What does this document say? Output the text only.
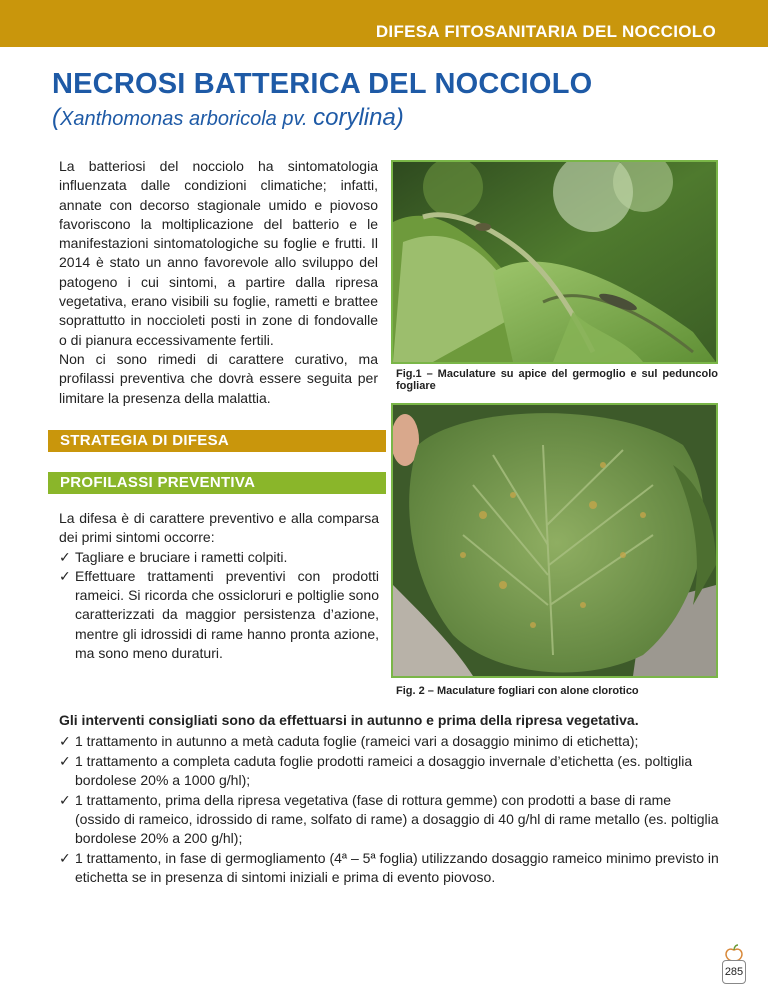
DIFESA FITOSANITARIA DEL NOCCIOLO
NECROSI BATTERICA DEL NOCCIOLO
(Xanthomonas arboricola pv. corylina)

La batteriosi del nocciolo ha sintomatologia influenzata dalle condizioni climatiche; infatti, annate con decorso stagionale umido e piovoso favoriscono la moltiplicazione del batterio e le manifestazioni sintomatologiche su foglie e frutti. Il 2014 è stato un anno favorevole allo sviluppo del patogeno i cui sintomi, a partire dalla ripresa vegetativa, erano visibili su foglie, rametti e brattee soprattutto in noccioleti posti in zone di fondovalle o di pianura eccessivamente fertili.

Non ci sono rimedi di carattere curativo, ma profilassi preventiva che dovrà essere seguita per limitare la presenza della malattia.

Fig.1 – Maculature su apice del germoglio e sul peduncolo fogliare
Fig. 2 – Maculature fogliari con alone clorotico
STRATEGIA DI DIFESA
PROFILASSI PREVENTIVA

La difesa è di carattere preventivo e alla comparsa dei primi sintomi occorre:

✓ Tagliare e bruciare i rametti colpiti.
✓ Effettuare trattamenti preventivi con prodotti rameici. Si ricorda che ossicloruri e poltiglie sono caratterizzati da maggior persistenza d’azione, mentre gli idrossidi di rame hanno pronta azione, ma sono meno duraturi.

Gli interventi consigliati sono da effettuarsi in autunno e prima della ripresa vegetativa.

✓ 1 trattamento in autunno a metà caduta foglie (rameici vari a dosaggio minimo di etichetta);
✓ 1 trattamento a completa caduta foglie prodotti rameici a dosaggio invernale d’etichetta (es. poltiglia bordolese 20% a 1000 g/hl);
✓ 1 trattamento, prima della ripresa vegetativa (fase di rottura gemme) con prodotti a base di rame (ossido di rameico, idrossido di rame, solfato di rame) a dosaggio di 40 g/hl di rame metallo (es. poltiglia bordolese 20% a 200 g/hl);
✓ 1 trattamento, in fase di germogliamento (4ª – 5ª foglia) utilizzando dosaggio rameico minimo previsto in etichetta se in presenza di sintomi iniziali e prima di evento piovoso.
285
